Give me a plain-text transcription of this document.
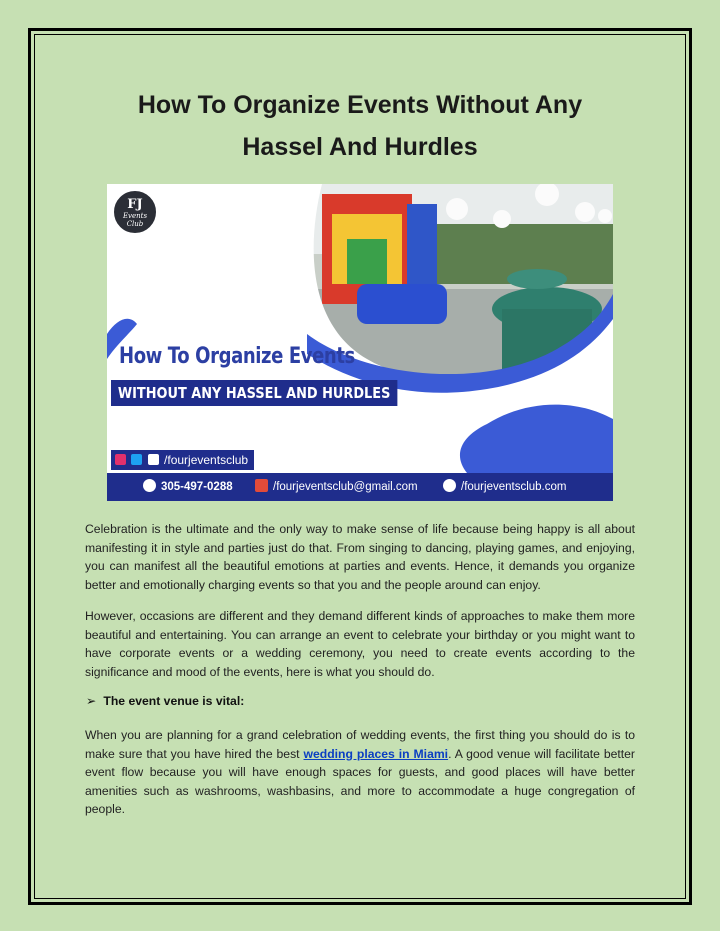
How To Organize Events Without Any
Hassel And Hurdles
FJ
Events
Club
How To Organize Events
WITHOUT ANY HASSEL AND HURDLES
/fourjeventsclub
305-497-0288	/fourjeventsclub@gmail.com	/fourjeventsclub.com

Celebration is the ultimate and the only way to make sense of life because being happy is all about manifesting it in style and parties just do that. From singing to dancing, playing games, and enjoying, you can manifest all the beautiful emotions at parties and events. Hence, it demands you organize better and emotionally charging events so that you and the people around can enjoy.

However, occasions are different and they demand different kinds of approaches to make them more beautiful and entertaining. You can arrange an event to celebrate your birthday or you might want to have corporate events or a wedding ceremony, you need to create events according to the significance and mood of the events, here is what you should do.

➢ The event venue is vital:

When you are planning for a grand celebration of wedding events, the first thing you should do is to make sure that you have hired the best wedding places in Miami. A good venue will facilitate better event flow because you will have enough spaces for guests, and good places will have better amenities such as washrooms, washbasins, and more to accommodate a huge congregation of people.
